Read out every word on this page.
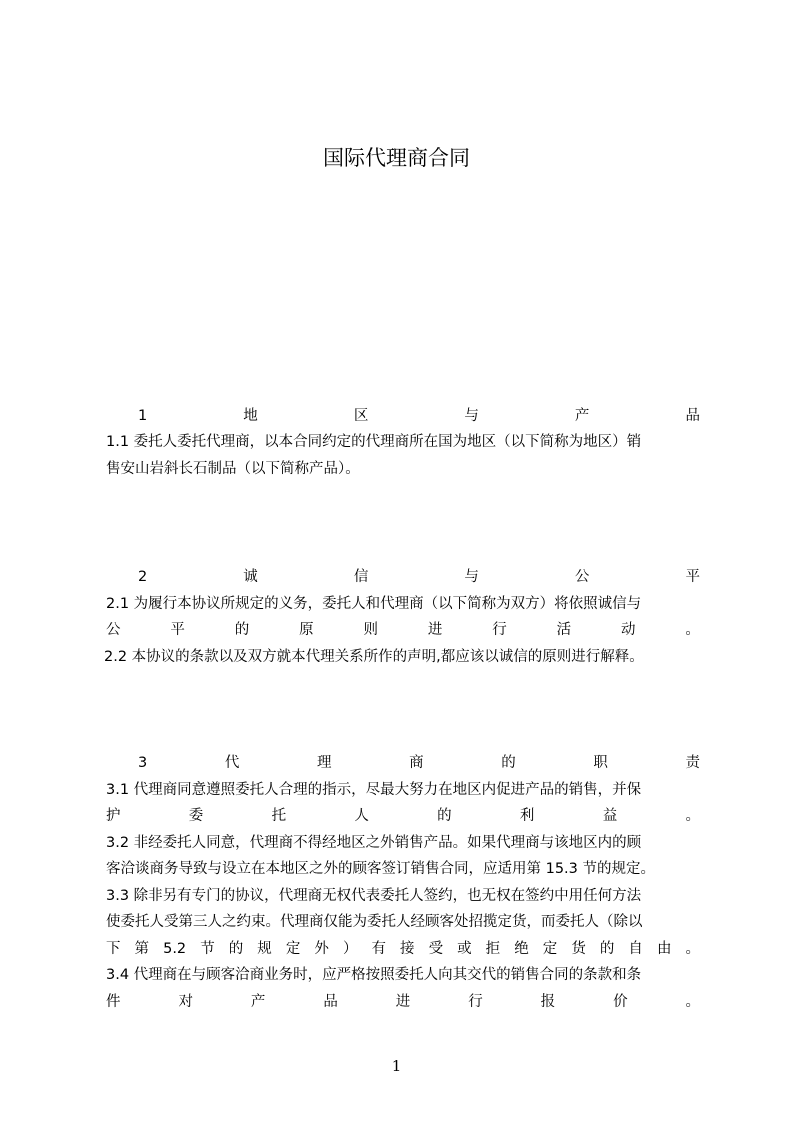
国际代理商合同
1	地	区	与	产	品
1.1 委托人委托代理商，以本合同约定的代理商所在国为地区（以下简称为地区）销
售安山岩斜长石制品（以下简称产品）。
2	诚	信	与	公	平
2.1 为履行本协议所规定的义务，委托人和代理商（以下简称为双方）将依照诚信与
公	平	的	原	则	进	行	活	动	。
2.2 本协议的条款以及双方就本代理关系所作的声明,都应该以诚信的原则进行解释。
3	代	理	商	的	职	责
3.1 代理商同意遵照委托人合理的指示，尽最大努力在地区内促进产品的销售，并保
护	委	托	人	的	利	益	。
3.2 非经委托人同意，代理商不得经地区之外销售产品。如果代理商与该地区内的顾
客洽谈商务导致与设立在本地区之外的顾客签订销售合同，应适用第 15.3 节的规定。
3.3 除非另有专门的协议，代理商无权代表委托人签约，也无权在签约中用任何方法
使委托人受第三人之约束。代理商仅能为委托人经顾客处招揽定货，而委托人（除以
下 第 5.2 节 的 规 定 外 ） 有 接 受 或 拒 绝 定 货 的 自 由 。
3.4 代理商在与顾客洽商业务时，应严格按照委托人向其交代的销售合同的条款和条
件	对	产	品	进	行	报	价	。
1
